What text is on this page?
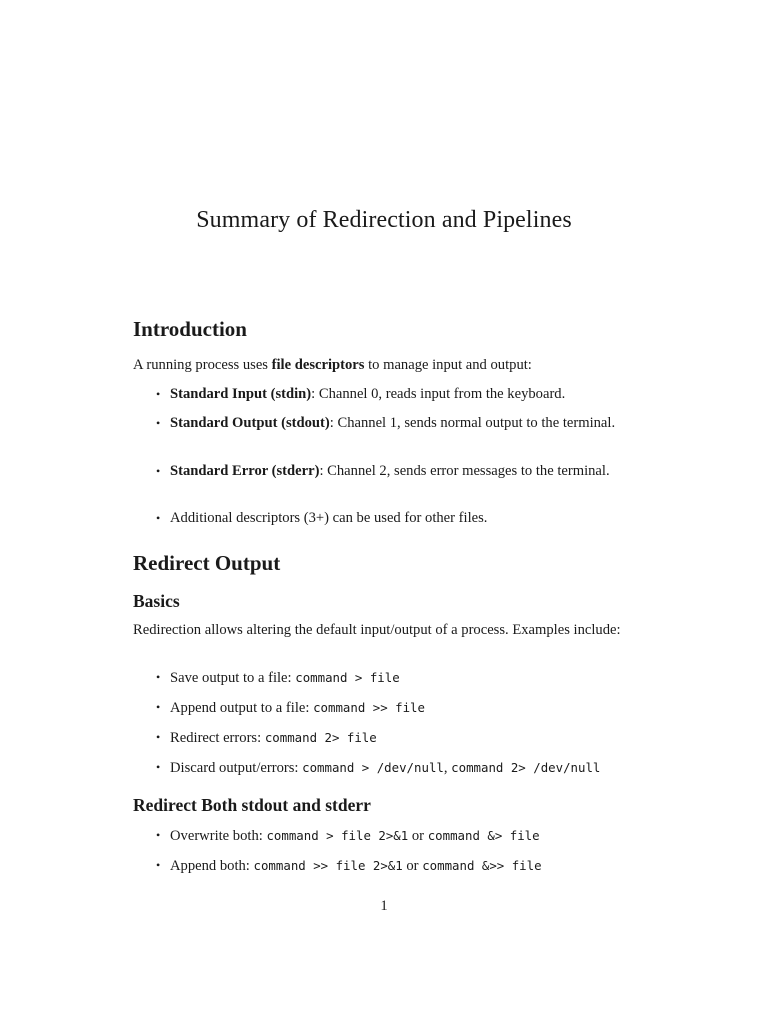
Summary of Redirection and Pipelines
Introduction

A running process uses file descriptors to manage input and output:

• Standard Input (stdin): Channel 0, reads input from the keyboard.

• Standard Output (stdout): Channel 1, sends normal output to the terminal.

• Standard Error (stderr): Channel 2, sends error messages to the terminal.

• Additional descriptors (3+) can be used for other files.

Redirect Output
Basics

Redirection allows altering the default input/output of a process. Examples include:

• Save output to a file: command > file

• Append output to a file: command >> file

• Redirect errors: command 2> file

• Discard output/errors: command > /dev/null, command 2> /dev/null

Redirect Both stdout and stderr

• Overwrite both: command > file 2>&1 or command &> file

• Append both: command >> file 2>&1 or command &>> file

1
